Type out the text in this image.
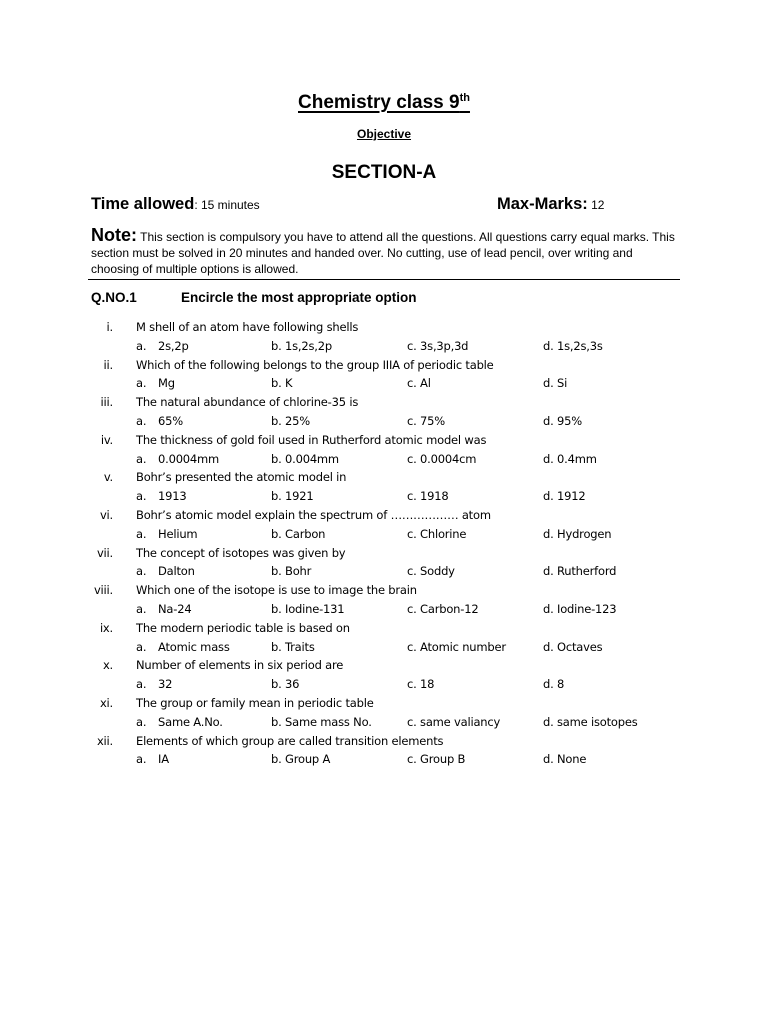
Chemistry class 9th
Objective
SECTION-A
Time allowed: 15 minutes	Max-Marks: 12
Note: This section is compulsory you have to attend all the questions. All questions carry equal marks. This section must be solved in 20 minutes and handed over. No cutting, use of lead pencil, over writing and choosing of multiple options is allowed.
Q.NO.1	Encircle the most appropriate option
i. M shell of an atom have following shells
a. 2s,2p	b. 1s,2s,2p	c. 3s,3p,3d	d. 1s,2s,3s
ii. Which of the following belongs to the group IIIA of periodic table
a. Mg	b. K	c. Al	d. Si
iii. The natural abundance of chlorine-35 is
a. 65%	b. 25%	c. 75%	d. 95%
iv. The thickness of gold foil used in Rutherford atomic model was
a. 0.0004mm	b. 0.004mm	c. 0.0004cm	d. 0.4mm
v. Bohr’s presented the atomic model in
a. 1913	b. 1921	c. 1918	d. 1912
vi. Bohr’s atomic model explain the spectrum of ……………… atom
a. Helium	b. Carbon	c. Chlorine	d. Hydrogen
vii. The concept of isotopes was given by
a. Dalton	b. Bohr	c. Soddy	d. Rutherford
viii. Which one of the isotope is use to image the brain
a. Na-24	b. Iodine-131	c. Carbon-12	d. Iodine-123
ix. The modern periodic table is based on
a. Atomic mass	b. Traits	c. Atomic number	d. Octaves
x. Number of elements in six period are
a. 32	b. 36	c. 18	d. 8
xi. The group or family mean in periodic table
a. Same A.No.	b. Same mass No.	c. same valiancy	d. same isotopes
xii. Elements of which group are called transition elements
a. IA	b. Group A	c. Group B	d. None
